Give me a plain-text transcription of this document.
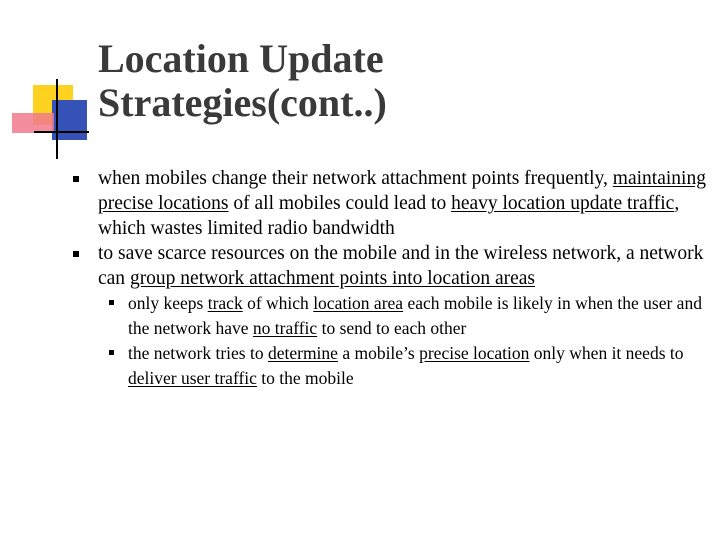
Location Update
Strategies(cont..)
when mobiles change their network attachment points frequently, maintaining precise locations of all mobiles could lead to heavy location update traffic, which wastes limited radio bandwidth
to save scarce resources on the mobile and in the wireless network, a network can group network attachment points into location areas
only keeps track of which location area each mobile is likely in when the user and the network have no traffic to send to each other
the network tries to determine a mobile’s precise location only when it needs to deliver user traffic to the mobile
